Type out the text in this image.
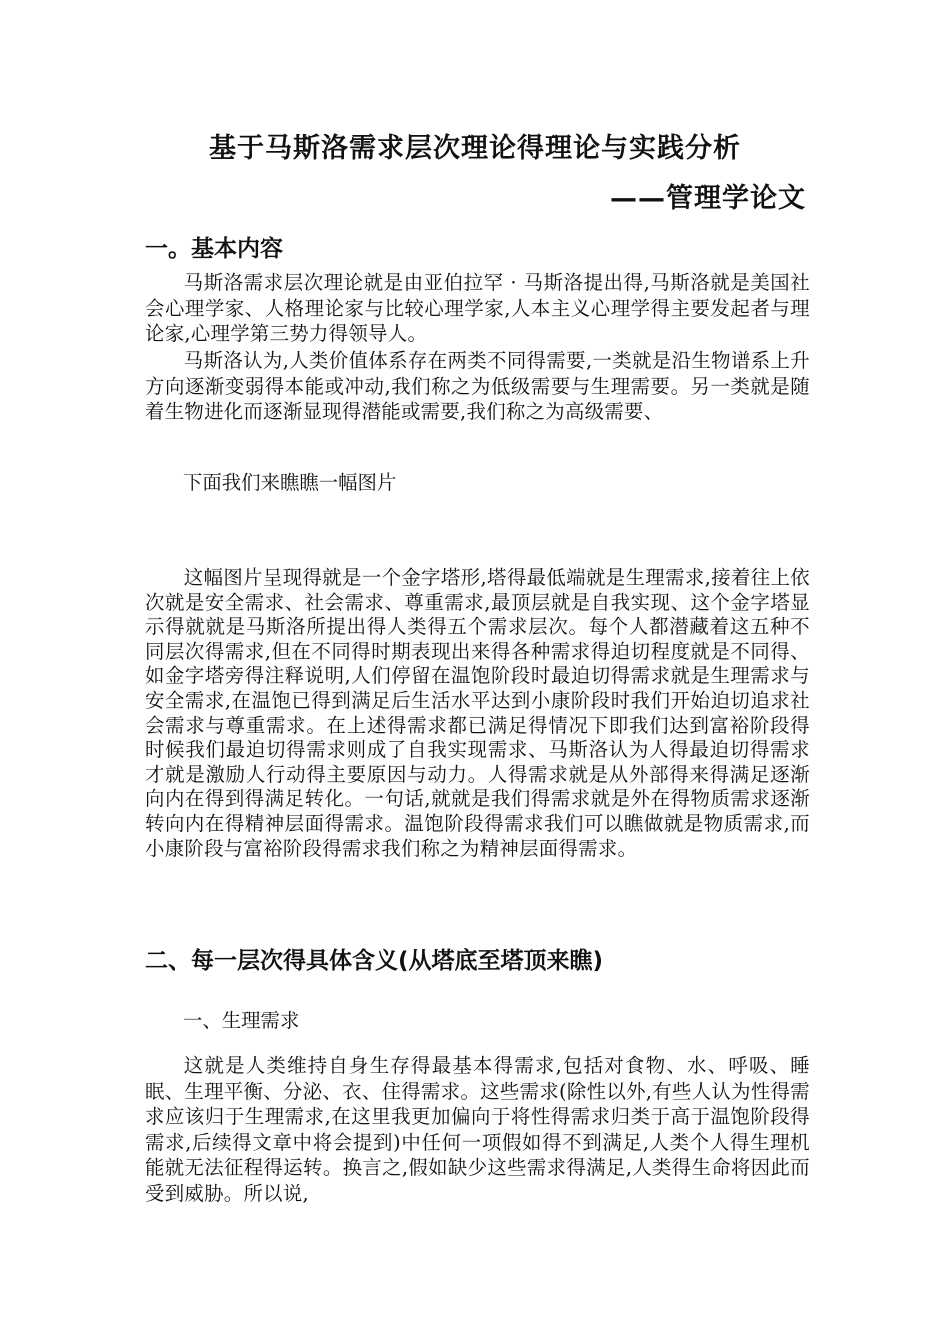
基于马斯洛需求层次理论得理论与实践分析
——管理学论文
一。基本内容
马斯洛需求层次理论就是由亚伯拉罕 · 马斯洛提出得,马斯洛就是美国社会心理学家、人格理论家与比较心理学家,人本主义心理学得主要发起者与理论家,心理学第三势力得领导人。
马斯洛认为,人类价值体系存在两类不同得需要,一类就是沿生物谱系上升方向逐渐变弱得本能或冲动,我们称之为低级需要与生理需要。另一类就是随着生物进化而逐渐显现得潜能或需要,我们称之为高级需要、
下面我们来瞧瞧一幅图片
这幅图片呈现得就是一个金字塔形,塔得最低端就是生理需求,接着往上依次就是安全需求、社会需求、尊重需求,最顶层就是自我实现、这个金字塔显示得就就是马斯洛所提出得人类得五个需求层次。每个人都潜藏着这五种不同层次得需求,但在不同得时期表现出来得各种需求得迫切程度就是不同得、如金字塔旁得注释说明,人们停留在温饱阶段时最迫切得需求就是生理需求与安全需求,在温饱已得到满足后生活水平达到小康阶段时我们开始迫切追求社会需求与尊重需求。在上述得需求都已满足得情况下即我们达到富裕阶段得时候我们最迫切得需求则成了自我实现需求、马斯洛认为人得最迫切得需求才就是激励人行动得主要原因与动力。人得需求就是从外部得来得满足逐渐向内在得到得满足转化。一句话,就就是我们得需求就是外在得物质需求逐渐转向内在得精神层面得需求。温饱阶段得需求我们可以瞧做就是物质需求,而小康阶段与富裕阶段得需求我们称之为精神层面得需求。
二、每一层次得具体含义(从塔底至塔顶来瞧)
一、生理需求
这就是人类维持自身生存得最基本得需求,包括对食物、水、呼吸、睡眠、生理平衡、分泌、衣、住得需求。这些需求(除性以外,有些人认为性得需求应该归于生理需求,在这里我更加偏向于将性得需求归类于高于温饱阶段得需求,后续得文章中将会提到)中任何一项假如得不到满足,人类个人得生理机能就无法征程得运转。换言之,假如缺少这些需求得满足,人类得生命将因此而受到威胁。所以说,
